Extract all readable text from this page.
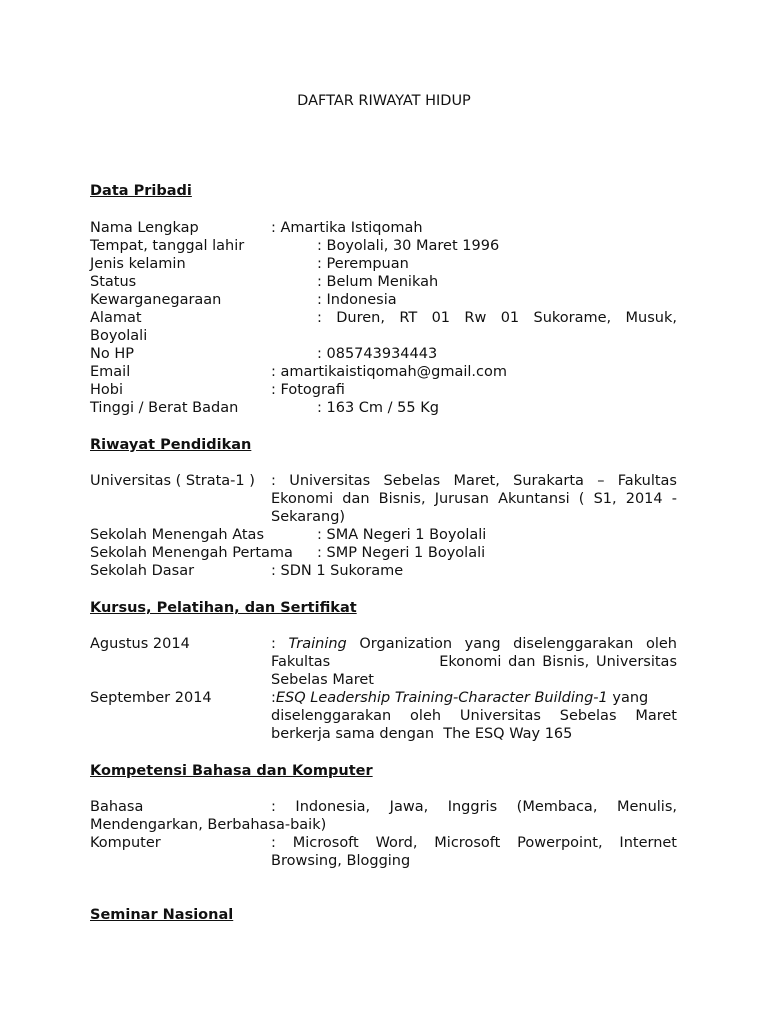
DAFTAR RIWAYAT HIDUP
Data Pribadi
Nama Lengkap	: Amartika Istiqomah
Tempat, tanggal lahir	: Boyolali, 30 Maret 1996
Jenis kelamin	: Perempuan
Status	: Belum Menikah
Kewarganegaraan	: Indonesia
Alamat	: Duren, RT 01 Rw 01 Sukorame, Musuk,
Boyolali
No HP	: 085743934443
Email	: amartikaistiqomah@gmail.com
Hobi	: Fotografi
Tinggi / Berat Badan	: 163 Cm / 55 Kg
Riwayat Pendidikan
Universitas ( Strata-1 ) : Universitas Sebelas Maret, Surakarta – Fakultas
Ekonomi dan Bisnis, Jurusan Akuntansi ( S1, 2014 -
Sekarang)
Sekolah Menengah Atas	: SMA Negeri 1 Boyolali
Sekolah Menengah Pertama : SMP Negeri 1 Boyolali
Sekolah Dasar	: SDN 1 Sukorame
Kursus, Pelatihan, dan Sertifikat
Agustus 2014	: Training Organization yang diselenggarakan oleh
Fakultas                Ekonomi dan Bisnis, Universitas
Sebelas Maret
September 2014	:ESQ Leadership Training-Character Building-1 yang
diselenggarakan oleh Universitas Sebelas Maret
berkerja sama dengan  The ESQ Way 165
Kompetensi Bahasa dan Komputer
Bahasa	: Indonesia, Jawa, Inggris (Membaca, Menulis,
Mendengarkan, Berbahasa-baik)
Komputer	: Microsoft Word, Microsoft Powerpoint, Internet
Browsing, Blogging
Seminar Nasional
